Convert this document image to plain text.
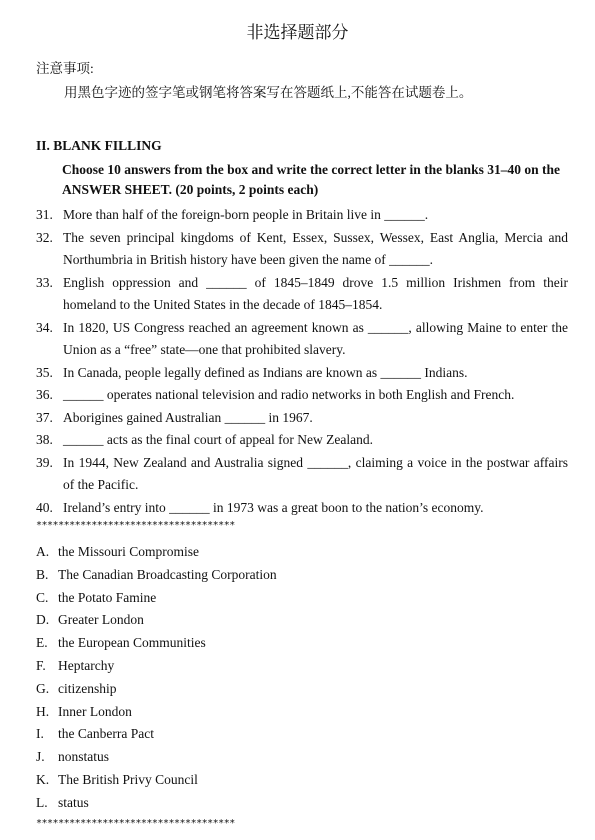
非选择题部分
注意事项:
用黑色字迹的签字笔或钢笔将答案写在答题纸上,不能答在试题卷上。
II. BLANK FILLING
Choose 10 answers from the box and write the correct letter in the blanks 31–40 on the ANSWER SHEET. (20 points, 2 points each)
31. More than half of the foreign-born people in Britain live in ______.
32. The seven principal kingdoms of Kent, Essex, Sussex, Wessex, East Anglia, Mercia and Northumbria in British history have been given the name of ______.
33. English oppression and ______ of 1845–1849 drove 1.5 million Irishmen from their homeland to the United States in the decade of 1845–1854.
34. In 1820, US Congress reached an agreement known as ______, allowing Maine to enter the Union as a “free” state—one that prohibited slavery.
35. In Canada, people legally defined as Indians are known as ______ Indians.
36. ______ operates national television and radio networks in both English and French.
37. Aborigines gained Australian ______ in 1967.
38. ______ acts as the final court of appeal for New Zealand.
39. In 1944, New Zealand and Australia signed ______, claiming a voice in the postwar affairs of the Pacific.
40. Ireland’s entry into ______ in 1973 was a great boon to the nation’s economy.
************************************
A. the Missouri Compromise
B. The Canadian Broadcasting Corporation
C. the Potato Famine
D. Greater London
E. the European Communities
F. Heptarchy
G. citizenship
H. Inner London
I. the Canberra Pact
J. nonstatus
K. The British Privy Council
L. status
************************************
